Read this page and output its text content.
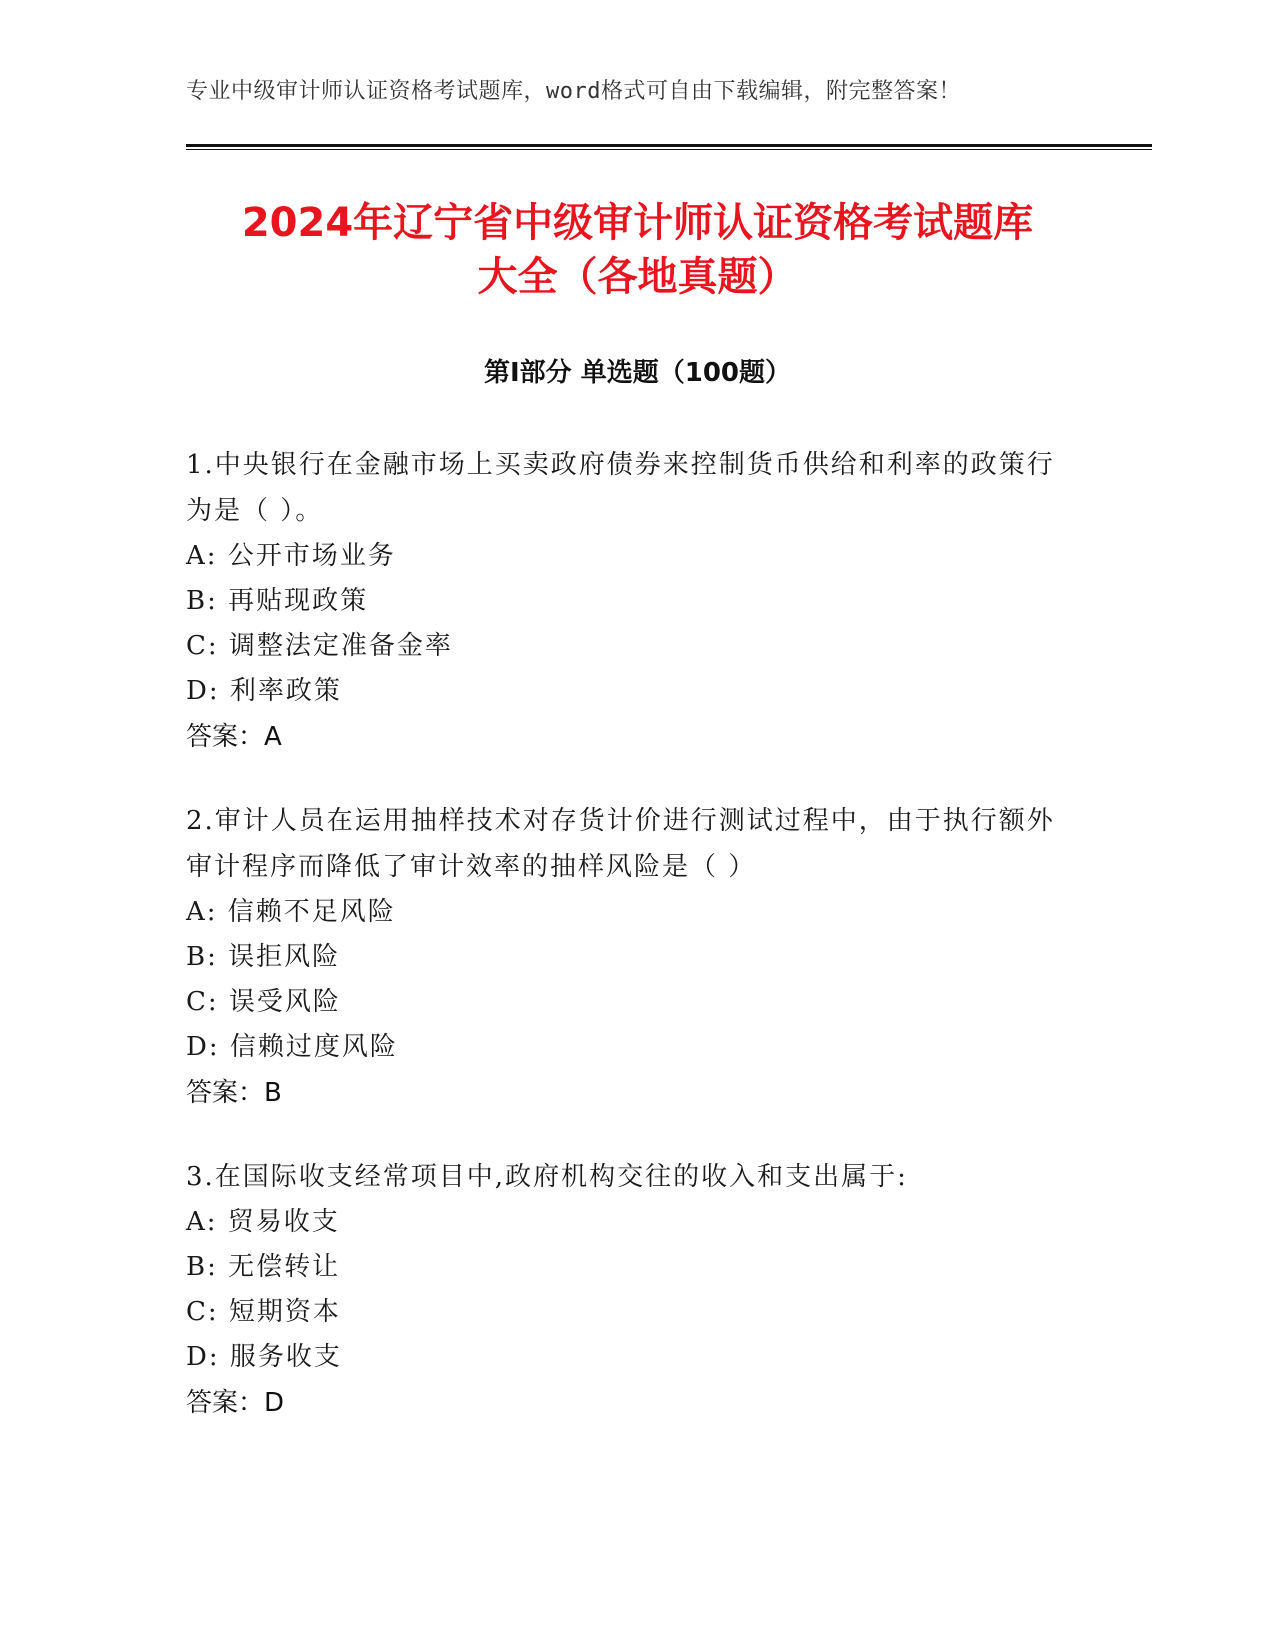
专业中级审计师认证资格考试题库，word格式可自由下载编辑，附完整答案！
2024年辽宁省中级审计师认证资格考试题库
大全（各地真题）
第Ⅰ部分 单选题（100题）

1.中央银行在金融市场上买卖政府债券来控制货币供给和利率的政策行为是（ ）。

A: 公开市场业务

B: 再贴现政策

C: 调整法定准备金率

D: 利率政策

答案：A

2.审计人员在运用抽样技术对存货计价进行测试过程中，由于执行额外审计程序而降低了审计效率的抽样风险是（ ）

A: 信赖不足风险

B: 误拒风险

C: 误受风险

D: 信赖过度风险

答案：B

3.在国际收支经常项目中,政府机构交往的收入和支出属于:

A: 贸易收支

B: 无偿转让

C: 短期资本

D: 服务收支

答案：D
